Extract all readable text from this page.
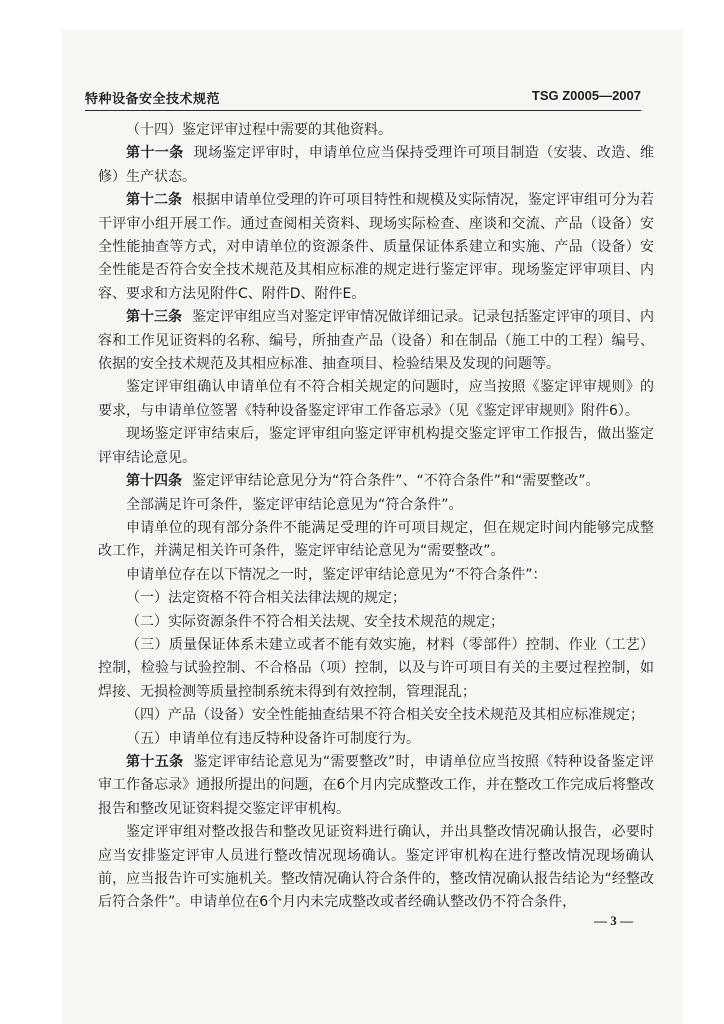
特种设备安全技术规范	TSG Z0005—2007

（十四）鉴定评审过程中需要的其他资料。

第十一条 现场鉴定评审时，申请单位应当保持受理许可项目制造（安装、改造、维修）生产状态。

第十二条 根据申请单位受理的许可项目特性和规模及实际情况，鉴定评审组可分为若干评审小组开展工作。通过查阅相关资料、现场实际检查、座谈和交流、产品（设备）安全性能抽查等方式，对申请单位的资源条件、质量保证体系建立和实施、产品（设备）安全性能是否符合安全技术规范及其相应标准的规定进行鉴定评审。现场鉴定评审项目、内容、要求和方法见附件C、附件D、附件E。

第十三条 鉴定评审组应当对鉴定评审情况做详细记录。记录包括鉴定评审的项目、内容和工作见证资料的名称、编号，所抽查产品（设备）和在制品（施工中的工程）编号、依据的安全技术规范及其相应标准、抽查项目、检验结果及发现的问题等。

鉴定评审组确认申请单位有不符合相关规定的问题时，应当按照《鉴定评审规则》的要求，与申请单位签署《特种设备鉴定评审工作备忘录》（见《鉴定评审规则》附件6）。

现场鉴定评审结束后，鉴定评审组向鉴定评审机构提交鉴定评审工作报告，做出鉴定评审结论意见。

第十四条 鉴定评审结论意见分为“符合条件”、“不符合条件”和“需要整改”。

全部满足许可条件，鉴定评审结论意见为“符合条件”。

申请单位的现有部分条件不能满足受理的许可项目规定，但在规定时间内能够完成整改工作，并满足相关许可条件，鉴定评审结论意见为“需要整改”。

申请单位存在以下情况之一时，鉴定评审结论意见为“不符合条件”：

（一）法定资格不符合相关法律法规的规定；

（二）实际资源条件不符合相关法规、安全技术规范的规定；

（三）质量保证体系未建立或者不能有效实施，材料（零部件）控制、作业（工艺）控制，检验与试验控制、不合格品（项）控制，以及与许可项目有关的主要过程控制，如焊接、无损检测等质量控制系统未得到有效控制，管理混乱；

（四）产品（设备）安全性能抽查结果不符合相关安全技术规范及其相应标准规定；

（五）申请单位有违反特种设备许可制度行为。

第十五条 鉴定评审结论意见为“需要整改”时，申请单位应当按照《特种设备鉴定评审工作备忘录》通报所提出的问题，在6个月内完成整改工作，并在整改工作完成后将整改报告和整改见证资料提交鉴定评审机构。

鉴定评审组对整改报告和整改见证资料进行确认，并出具整改情况确认报告，必要时应当安排鉴定评审人员进行整改情况现场确认。鉴定评审机构在进行整改情况现场确认前，应当报告许可实施机关。整改情况确认符合条件的，整改情况确认报告结论为“经整改后符合条件”。申请单位在6个月内未完成整改或者经确认整改仍不符合条件，

— 3 —
